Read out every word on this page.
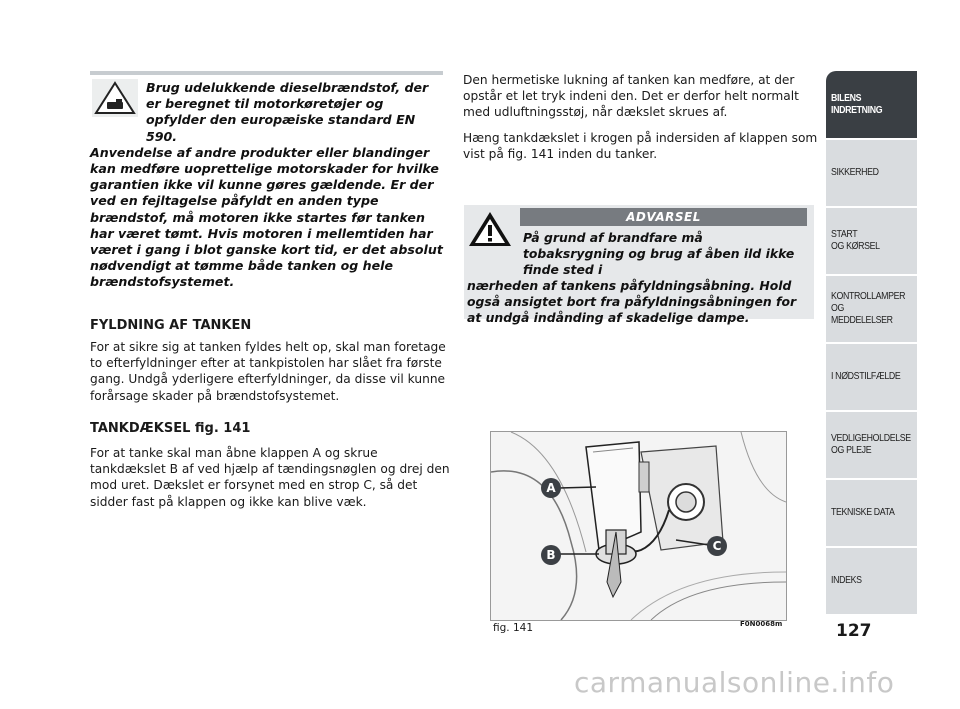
Brug udelukkende dieselbrændstof, der er beregnet til motorkøretøjer og opfylder den europæiske standard EN 590.
Anvendelse af andre produkter eller blandinger kan medføre uoprettelige motorskader for hvilke garantien ikke vil kunne gøres gældende. Er der ved en fejltagelse påfyldt en anden type brændstof, må motoren ikke startes før tanken har været tømt. Hvis motoren i mellemtiden har været i gang i blot ganske kort tid, er det absolut nødvendigt at tømme både tanken og hele brændstofsystemet.
FYLDNING AF TANKEN
For at sikre sig at tanken fyldes helt op, skal man foretage to efterfyldninger efter at tankpistolen har slået fra første gang. Undgå yderligere efterfyldninger, da disse vil kunne forårsage skader på brændstofsystemet.
TANKDÆKSEL fig. 141
For at tanke skal man åbne klappen A og skrue tankdækslet B af ved hjælp af tændingsnøglen og drej den mod uret. Dækslet er forsynet med en strop C, så det sidder fast på klappen og ikke kan blive væk.
Den hermetiske lukning af tanken kan medføre, at der opstår et let tryk indeni den. Det er derfor helt normalt med udluftningsstøj, når dækslet skrues af.
Hæng tankdækslet i krogen på indersiden af klappen som vist på fig. 141 inden du tanker.
ADVARSEL
På grund af brandfare må tobaksrygning og brug af åben ild ikke finde sted i
nærheden af tankens påfyldningsåbning. Hold også ansigtet bort fra påfyldningsåbningen for at undgå indånding af skadelige dampe.
A
B
C
fig. 141	F0N0068m
BILENS
INDRETNING
SIKKERHED
START
OG KØRSEL
KONTROLLAMPER
OG MEDDELELSER
I NØDSTILFÆLDE
VEDLIGEHOLDELSE
OG PLEJE
TEKNISKE DATA
INDEKS
127
carmanualsonline.info
